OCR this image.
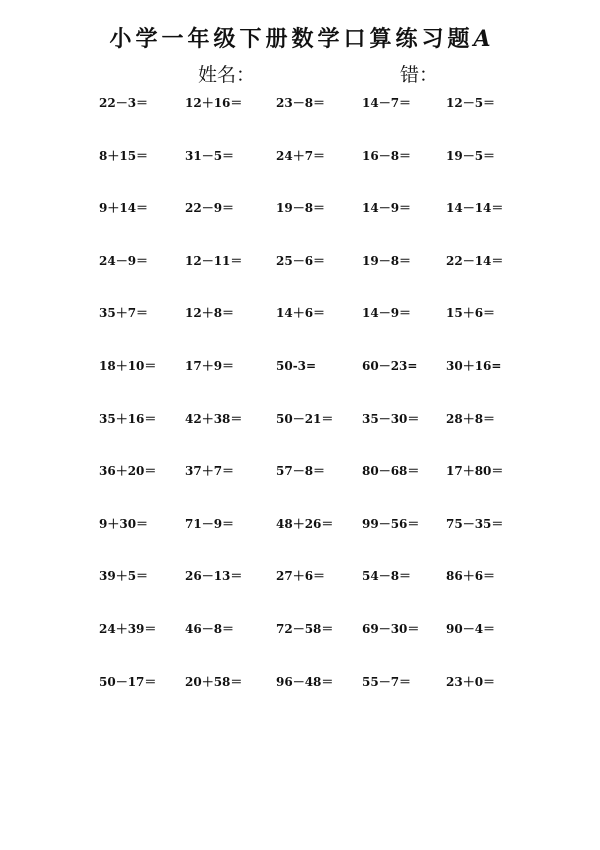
小学一年级下册数学口算练习题A
姓名：	错：
22－3＝	12＋16＝	23－8＝	14－7＝	12－5＝
8＋15＝	31－5＝	24＋7＝	16－8＝	19－5＝
9＋14＝	22－9＝	19－8＝	14－9＝	14－14＝
24－9＝	12－11＝	25－6＝	19－8＝	22－14＝
35＋7＝	12＋8＝	14＋6＝	14－9＝	15＋6＝
18＋10＝	17＋9＝	50-3=	60－23=	30＋16=
35＋16＝	42＋38＝	50－21＝	35－30＝	28＋8＝
36＋20＝	37＋7＝	57－8＝	80－68＝	17＋80＝
9＋30＝	71－9＝	48＋26＝	99－56＝	75－35＝
39＋5＝	26－13＝	27＋6＝	54－8＝	86＋6＝
24＋39＝	46－8＝	72－58＝	69－30＝	90－4＝
50－17＝	20＋58＝	96－48＝	55－7＝	23＋0＝
